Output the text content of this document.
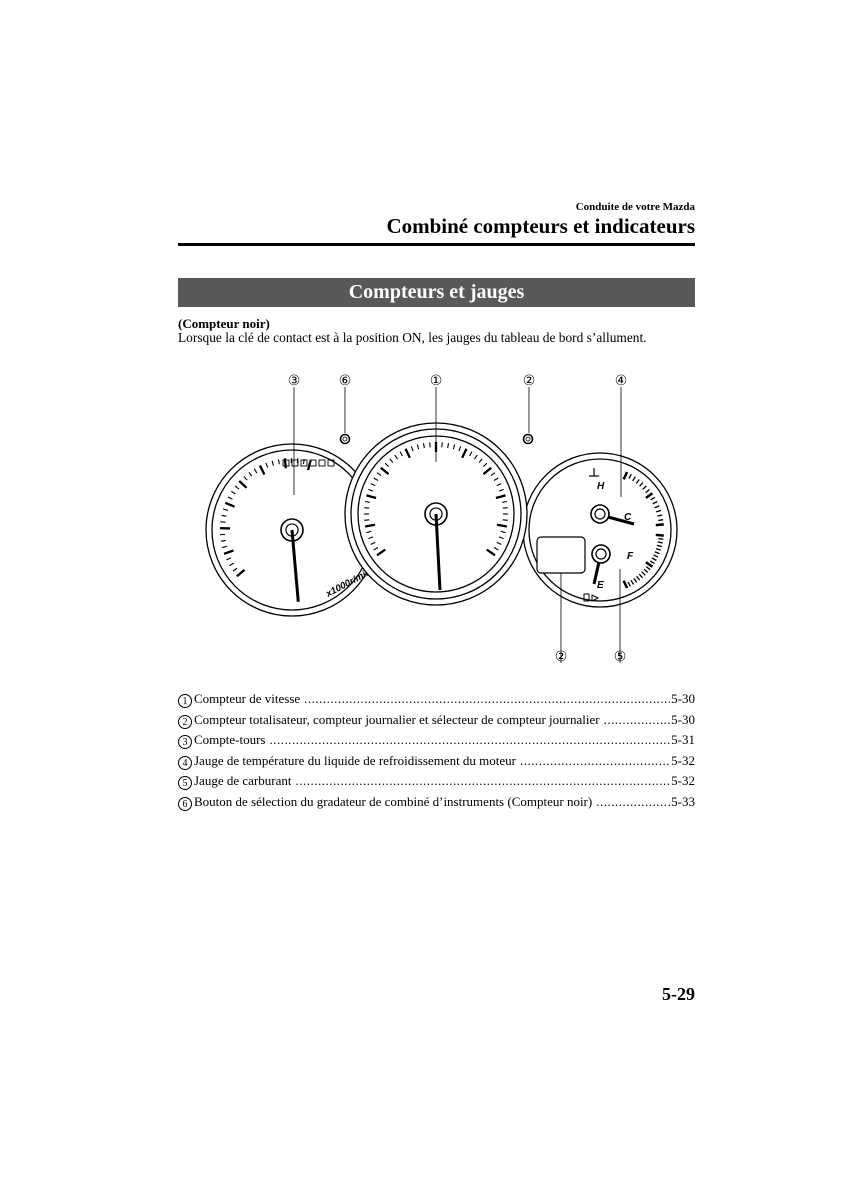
Conduite de votre Mazda
Combiné compteurs et indicateurs
Compteurs et jauges
(Compteur noir)
Lorsque la clé de contact est à la position ON, les jauges du tableau de bord s’allument.
x1000r/min
H
C
F
E
③	⑥	①	②	④
②	⑤
1 Compteur de vitesse .....	5-30
2 Compteur totalisateur, compteur journalier et sélecteur de compteur journalier .....	5-30
3 Compte-tours .....	5-31
4 Jauge de température du liquide de refroidissement du moteur .....	5-32
5 Jauge de carburant .....	5-32
6 Bouton de sélection du gradateur de combiné d’instruments (Compteur noir) .....	5-33
5-29
